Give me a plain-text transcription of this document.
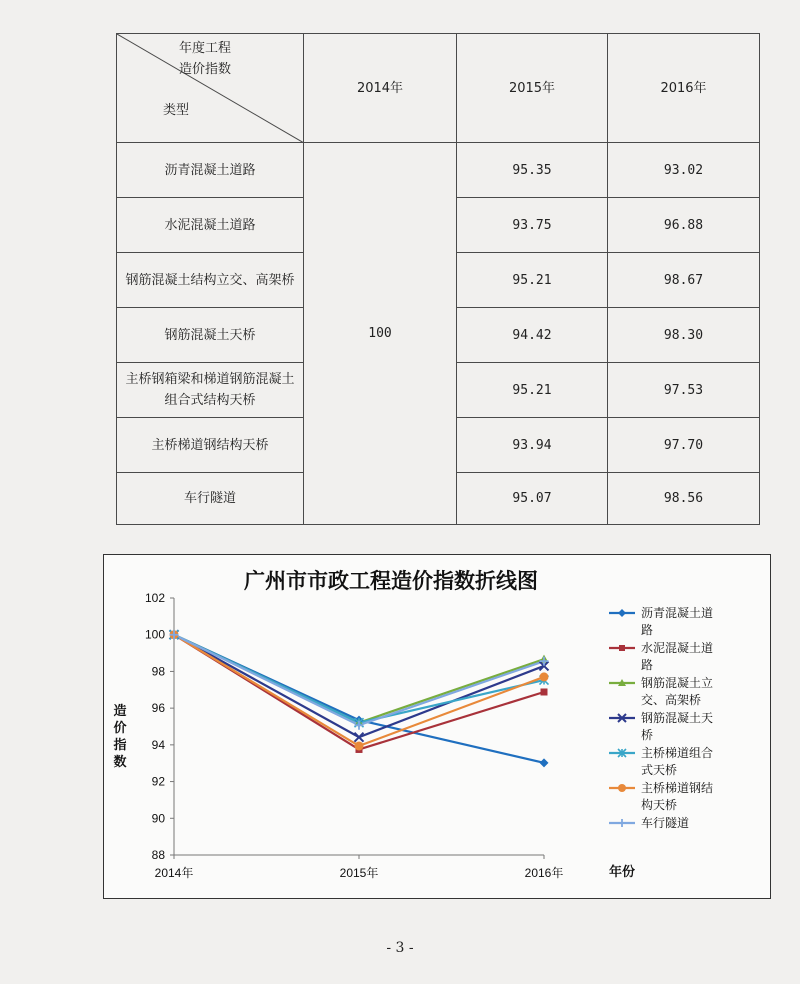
年度工程
造价指数
类型	2014年	2015年	2016年
沥青混凝土道路	100	95.35	93.02
水泥混凝土道路		93.75	96.88
钢筋混凝土结构立交、高架桥		95.21	98.67
钢筋混凝土天桥		94.42	98.30
主桥钢箱梁和梯道钢筋混凝土组合式结构天桥		95.21	97.53
主桥梯道钢结构天桥		93.94	97.70
车行隧道		95.07	98.56
广州市市政工程造价指数折线图
88
90
92
94
96
98
100
102
2014年	2015年	2016年
造
价
指
数
年份
沥青混凝土道
路
水泥混凝土道
路
钢筋混凝土立
交、高架桥
钢筋混凝土天
桥
主桥梯道组合
式天桥
主桥梯道钢结
构天桥
车行隧道
- 3 -
